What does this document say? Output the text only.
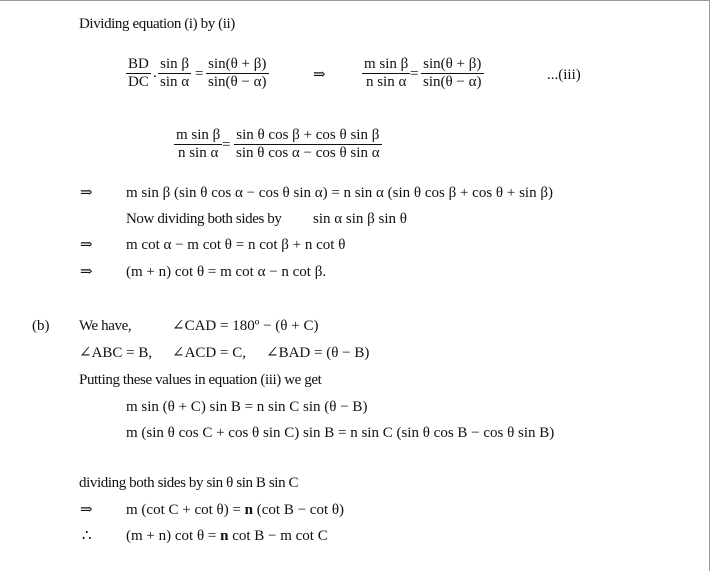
Dividing equation (i) by (ii)
$\frac{BD}{DC}$ . $\frac{\text{sin β}}{\text{sin α}} = \frac{\sin(\theta + \beta)}{\sin(\theta - \alpha)}$	⇒ $\frac{\text{m sin β}}{\text{n sin α}} = \frac{\sin(\theta + \beta)}{\sin(\theta - \alpha)}$	...(iii)
$\frac{\text{m sin β}}{\text{n sin α}} = \frac{\text{sin θ cos β + cos θ sin β}}{\text{sin θ cos α − cos θ sin α}}$
⇒ m sin β (sin θ cos α − cos θ sin α) = n sin α (sin θ cos β + cos θ + sin β)
Now dividing both sides by sin α sin β sin θ
⇒ m cot α − m cot θ = n cot β + n cot θ
⇒ (m + n) cot θ = m cot α − n cot β.
(b) We have,	∠CAD = 180º − (θ + C)
∠ABC = B, ∠ACD = C, ∠BAD = (θ − B)
Putting these values in equation (iii) we get
m sin (θ + C) sin B = n sin C sin (θ − B)
m (sin θ cos C + cos θ sin C) sin B = n sin C (sin θ cos B − cos θ sin B)
dividing both sides by sin θ sin B sin C
⇒ m (cot C + cot θ) = n (cot B − cot θ)
∴ (m + n) cot θ = n cot B − m cot C
